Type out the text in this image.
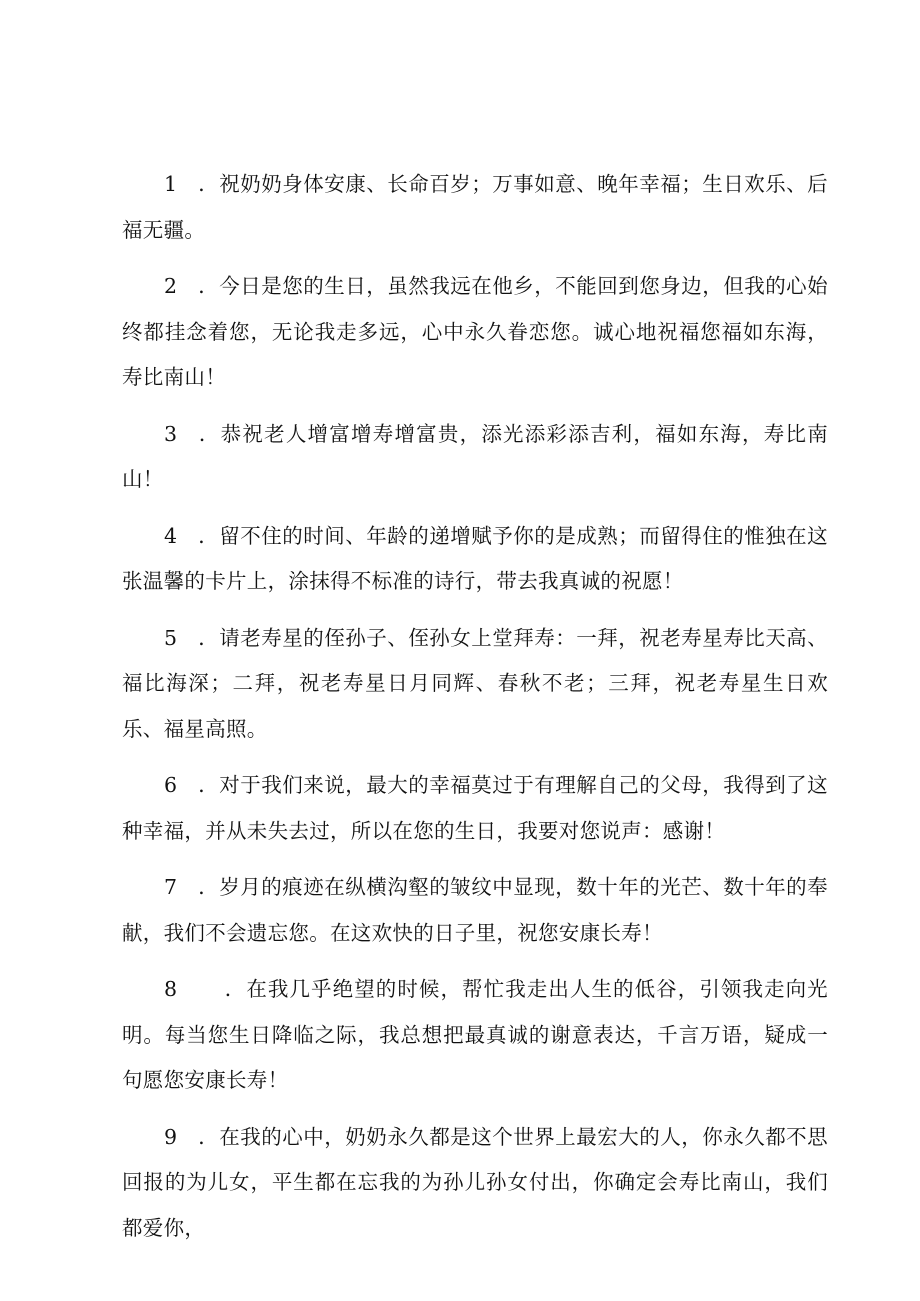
1 ．祝奶奶身体安康、长命百岁；万事如意、晚年幸福；生日欢乐、后福无疆。

2 ．今日是您的生日，虽然我远在他乡，不能回到您身边，但我的心始终都挂念着您，无论我走多远，心中永久眷恋您。诚心地祝福您福如东海，寿比南山！

3 ．恭祝老人增富增寿增富贵，添光添彩添吉利，福如东海，寿比南山！

4 ．留不住的时间、年龄的递增赋予你的是成熟；而留得住的惟独在这张温馨的卡片上，涂抹得不标准的诗行，带去我真诚的祝愿！

5 ．请老寿星的侄孙子、侄孙女上堂拜寿：一拜，祝老寿星寿比天高、福比海深；二拜，祝老寿星日月同辉、春秋不老；三拜，祝老寿星生日欢乐、福星高照。

6 ．对于我们来说，最大的幸福莫过于有理解自己的父母，我得到了这种幸福，并从未失去过，所以在您的生日，我要对您说声：感谢！

7 ．岁月的痕迹在纵横沟壑的皱纹中显现，数十年的光芒、数十年的奉献，我们不会遗忘您。在这欢快的日子里，祝您安康长寿！

8 ．在我几乎绝望的时候，帮忙我走出人生的低谷，引领我走向光明。每当您生日降临之际，我总想把最真诚的谢意表达，千言万语，疑成一句愿您安康长寿！

9 ．在我的心中，奶奶永久都是这个世界上最宏大的人，你永久都不思回报的为儿女，平生都在忘我的为孙儿孙女付出，你确定会寿比南山，我们都爱你，
